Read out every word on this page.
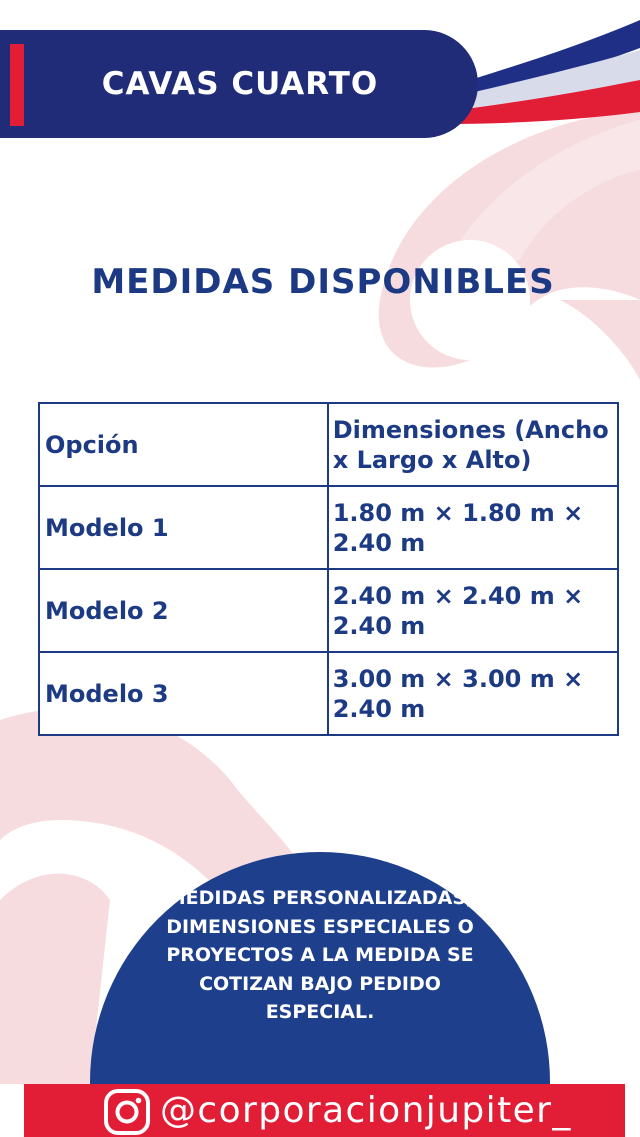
CAVAS CUARTO
MEDIDAS DISPONIBLES
Opción	Dimensiones (Ancho x Largo x Alto)
Modelo 1	1.80 m × 1.80 m × 2.40 m
Modelo 2	2.40 m × 2.40 m × 2.40 m
Modelo 3	3.00 m × 3.00 m × 2.40 m
MEDIDAS PERSONALIZADAS, DIMENSIONES ESPECIALES O PROYECTOS A LA MEDIDA SE COTIZAN BAJO PEDIDO ESPECIAL.
@corporacionjupiter_
